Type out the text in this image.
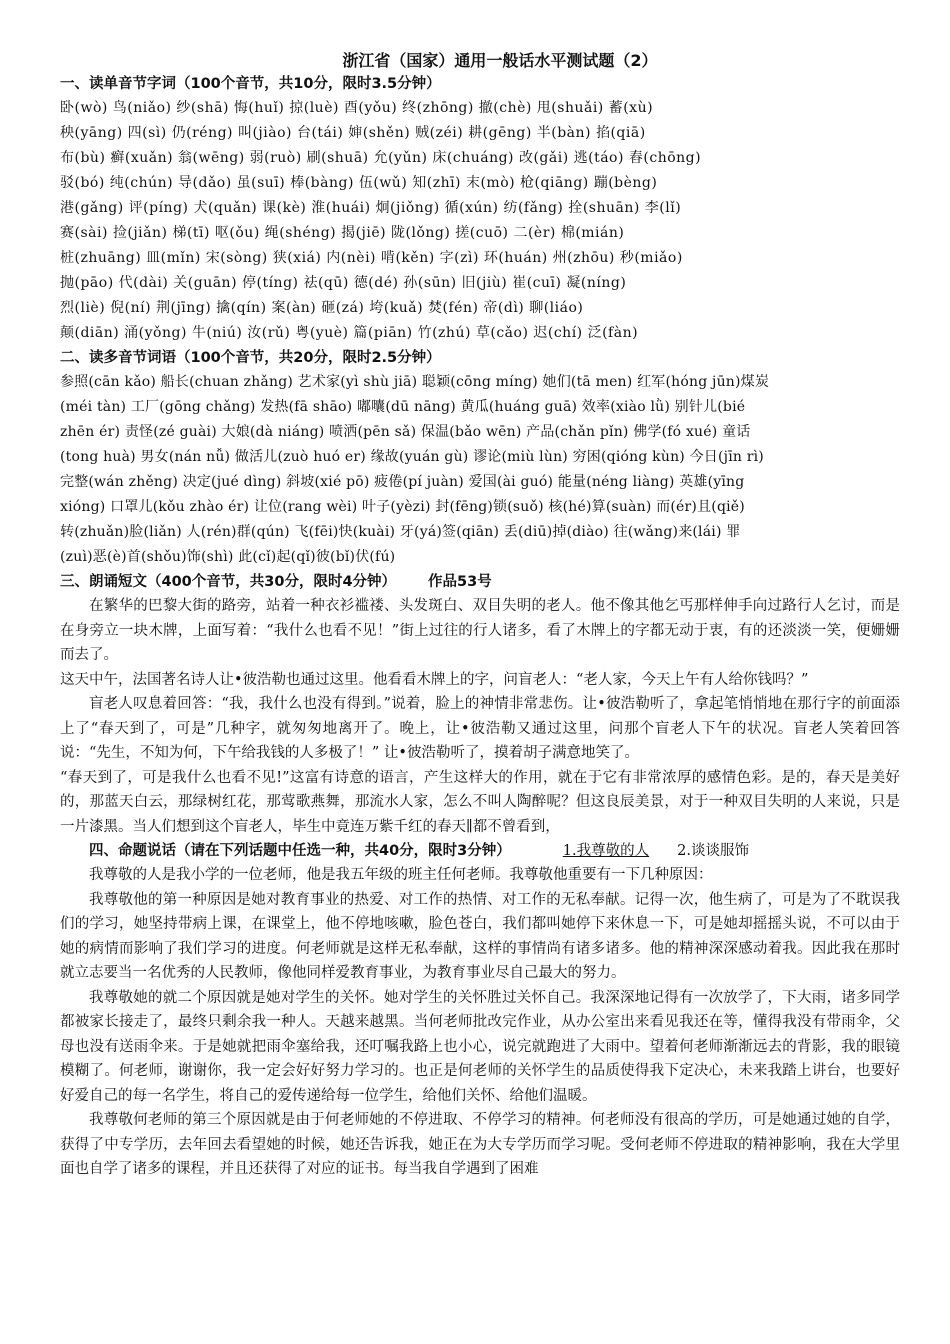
浙江省（国家）通用一般话水平测试题（2）
一、读单音节字词（100个音节，共10分，限时3.5分钟）
卧(wò) 鸟(niǎo) 纱(shā) 悔(huǐ) 掠(luè) 酉(yǒu) 终(zhōng) 撤(chè) 甩(shuǎi) 蓄(xù)
秧(yāng) 四(sì) 仍(réng) 叫(jiào) 台(tái) 婶(shěn) 贼(zéi) 耕(gēng) 半(bàn) 掐(qiā)
布(bù) 癣(xuǎn) 翁(wēng) 弱(ruò) 刷(shuā) 允(yǔn) 床(chuáng) 改(gǎi) 逃(táo) 舂(chōng)
驳(bó) 纯(chún) 导(dǎo) 虽(suī) 棒(bàng) 伍(wǔ) 知(zhī) 末(mò) 枪(qiāng) 蹦(bèng)
港(gǎng) 评(píng) 犬(quǎn) 课(kè) 淮(huái) 炯(jiǒng) 循(xún) 纺(fǎng) 拴(shuān) 李(lǐ)
赛(sài) 捡(jiǎn) 梯(tī) 呕(ǒu) 绳(shéng) 揭(jiē) 陇(lǒng) 搓(cuō) 二(èr) 棉(mián)
桩(zhuāng) 皿(mǐn) 宋(sòng) 狭(xiá) 内(nèi) 啃(kěn) 字(zì) 环(huán) 州(zhōu) 秒(miǎo)
抛(pāo) 代(dài) 关(guān) 停(tíng) 祛(qū) 德(dé) 孙(sūn) 旧(jiù) 崔(cuī) 凝(níng)
烈(liè) 倪(ní) 荆(jīng) 擒(qín) 案(àn) 砸(zá) 垮(kuǎ) 焚(fén) 帝(dì) 聊(liáo)
颠(diān) 涌(yǒng) 牛(niú) 汝(rǔ) 粤(yuè) 篇(piān) 竹(zhú) 草(cǎo) 迟(chí) 泛(fàn)
二、读多音节词语（100个音节，共20分，限时2.5分钟）
参照(cān kǎo) 船长(chuan zhǎng) 艺术家(yì shù jiā) 聪颖(cōng míng) 她们(tā men) 红军(hóng jūn)煤炭
(méi tàn) 工厂(gōng chǎng) 发热(fā shāo) 嘟囔(dū nāng) 黄瓜(huáng guā) 效率(xiào lǜ) 别针儿(bié
zhēn ér) 责怪(zé guài) 大娘(dà niáng) 喷洒(pēn sǎ) 保温(bǎo wēn) 产品(chǎn pǐn) 佛学(fó xué) 童话
(tong huà) 男女(nán nǚ) 做活儿(zuò huó er) 缘故(yuán gù) 谬论(miù lùn) 穷困(qióng kùn) 今日(jīn rì)
完整(wán zhěng) 决定(jué dìng) 斜坡(xié pō) 疲倦(pí juàn) 爱国(ài guó) 能量(néng liàng) 英雄(yīng
xióng) 口罩儿(kǒu zhào ér) 让位(rang wèi) 叶子(yèzi) 封(fēng)锁(suǒ) 核(hé)算(suàn) 而(ér)且(qiě)
转(zhuǎn)脸(liǎn) 人(rén)群(qún) 飞(fēi)快(kuài) 牙(yá)签(qiān) 丢(diū)掉(diào) 往(wǎng)来(lái) 罪
(zuì)恶(è)首(shǒu)饰(shì) 此(cǐ)起(qǐ)彼(bǐ)伏(fú)
三、朗诵短文（400个音节，共30分，限时4分钟） 作品53号

在繁华的巴黎大街的路旁，站着一种衣衫褴褛、头发斑白、双目失明的老人。他不像其他乞丐那样伸手向过路行人乞讨，而是在身旁立一块木牌，上面写着：“我什么也看不见！”街上过往的行人诸多，看了木牌上的字都无动于衷，有的还淡淡一笑，便姗姗而去了。

这天中午，法国著名诗人让•彼浩勒也通过这里。他看看木牌上的字，问盲老人：“老人家，今天上午有人给你钱吗？”

盲老人叹息着回答：“我，我什么也没有得到。”说着，脸上的神情非常悲伤。让•彼浩勒听了，拿起笔悄悄地在那行字的前面添上了“春天到了，可是”几种字，就匆匆地离开了。晚上，让•彼浩勒又通过这里，问那个盲老人下午的状况。盲老人笑着回答说：“先生，不知为何，下午给我钱的人多极了！” 让•彼浩勒听了，摸着胡子满意地笑了。

“春天到了，可是我什么也看不见!”这富有诗意的语言，产生这样大的作用，就在于它有非常浓厚的感情色彩。是的，春天是美好的，那蓝天白云，那绿树红花，那莺歌燕舞，那流水人家，怎么不叫人陶醉呢？但这良辰美景，对于一种双目失明的人来说，只是一片漆黑。当人们想到这个盲老人，毕生中竟连万紫千红的春天∥都不曾看到，

四、命题说话（请在下列话题中任选一种，共40分，限时3分钟）	1.我尊敬的人 2.谈谈服饰

我尊敬的人是我小学的一位老师，他是我五年级的班主任何老师。我尊敬他重要有一下几种原因：

我尊敬他的第一种原因是她对教育事业的热爱、对工作的热情、对工作的无私奉献。记得一次，他生病了，可是为了不耽误我们的学习，她坚持带病上课，在课堂上，他不停地咳嗽，脸色苍白，我们都叫她停下来休息一下，可是她却摇摇头说，不可以由于她的病情而影响了我们学习的进度。何老师就是这样无私奉献，这样的事情尚有诸多诸多。他的精神深深感动着我。因此我在那时就立志要当一名优秀的人民教师，像他同样爱教育事业，为教育事业尽自己最大的努力。

我尊敬她的就二个原因就是她对学生的关怀。她对学生的关怀胜过关怀自己。我深深地记得有一次放学了，下大雨，诸多同学都被家长接走了，最终只剩余我一种人。天越来越黑。当何老师批改完作业，从办公室出来看见我还在等，懂得我没有带雨伞，父母也没有送雨伞来。于是她就把雨伞塞给我，还叮嘱我路上也小心，说完就跑进了大雨中。望着何老师渐渐远去的背影，我的眼镜模糊了。何老师，谢谢你，我一定会好好努力学习的。也正是何老师的关怀学生的品质使得我下定决心，未来我踏上讲台，也要好好爱自己的每一名学生，将自己的爱传递给每一位学生，给他们关怀、给他们温暖。

我尊敬何老师的第三个原因就是由于何老师她的不停进取、不停学习的精神。何老师没有很高的学历，可是她通过她的自学，获得了中专学历，去年回去看望她的时候，她还告诉我，她正在为大专学历而学习呢。受何老师不停进取的精神影响，我在大学里面也自学了诸多的课程，并且还获得了对应的证书。每当我自学遇到了困难
